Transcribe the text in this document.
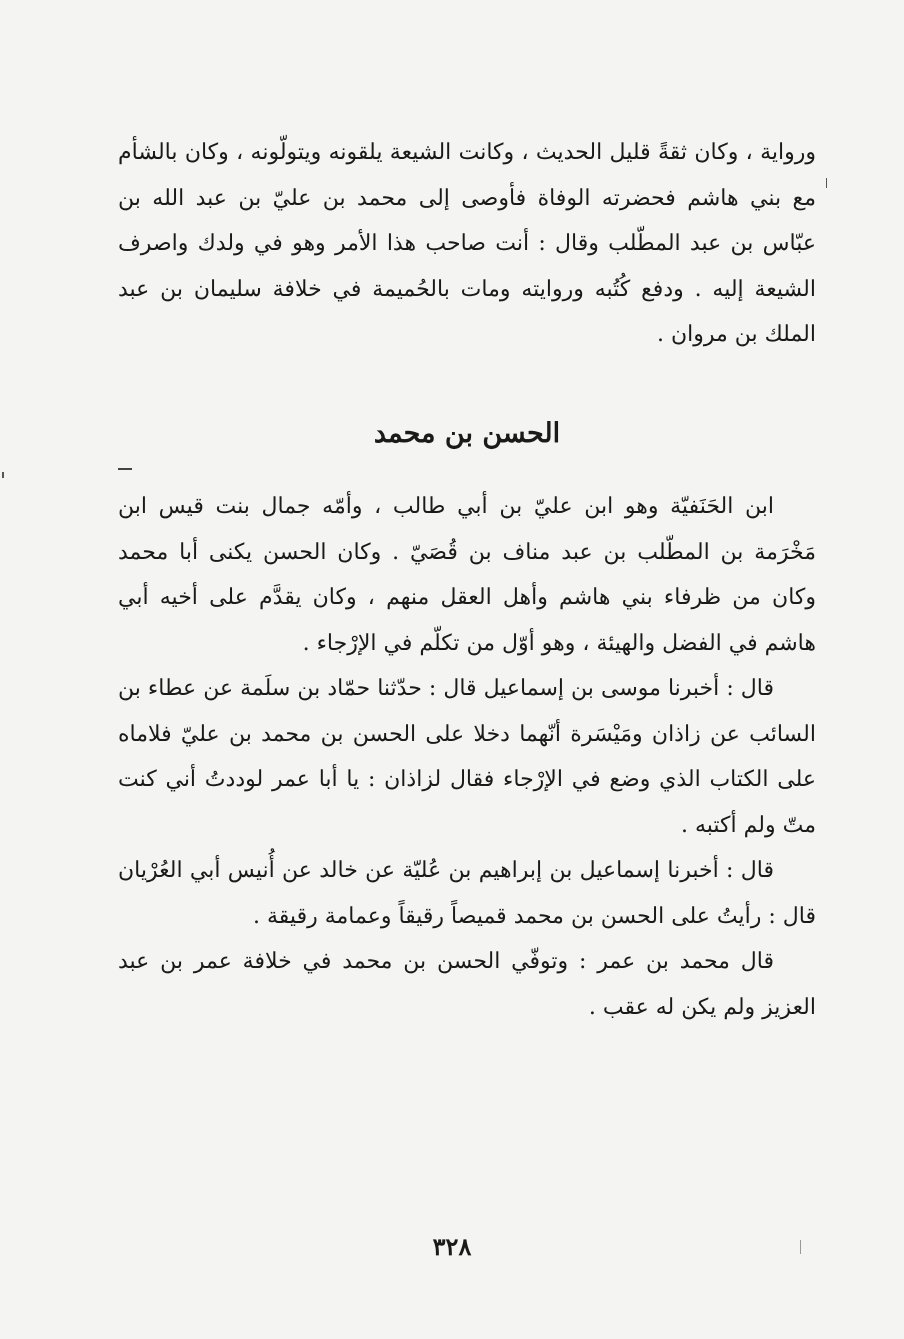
ورواية ، وكان ثقةً قليل الحديث ، وكانت الشيعة يلقونه ويتولّونه ، وكان بالشأم مع بني هاشم فحضرته الوفاة فأوصى إلى محمد بن عليّ بن عبد الله بن عبّاس بن عبد المطّلب وقال : أنت صاحب هذا الأمر وهو في ولدك واصرف الشيعة إليه . ودفع كُتُبه وروايته ومات بالحُميمة في خلافة سليمان بن عبد الملك بن مروان .

الحسن بن محمد

ابن الحَنَفيّة وهو ابن عليّ بن أبي طالب ، وأمّه جمال بنت قيس ابن مَخْرَمة بن المطّلب بن عبد مناف بن قُصَيّ . وكان الحسن يكنى أبا محمد وكان من ظرفاء بني هاشم وأهل العقل منهم ، وكان يقدَّم على أخيه أبي هاشم في الفضل والهيئة ، وهو أوّل من تكلّم في الإرْجاء .

قال : أخبرنا موسى بن إسماعيل قال : حدّثنا حمّاد بن سلَمة عن عطاء بن السائب عن زاذان ومَيْسَرة أنّهما دخلا على الحسن بن محمد بن عليّ فلاماه على الكتاب الذي وضع في الإرْجاء فقال لزاذان : يا أبا عمر لوددتُ أني كنت متّ ولم أكتبه .

قال : أخبرنا إسماعيل بن إبراهيم بن عُليّة عن خالد عن أُنيس أبي العُرْيان قال : رأيتُ على الحسن بن محمد قميصاً رقيقاً وعمامة رقيقة .

قال محمد بن عمر : وتوفّي الحسن بن محمد في خلافة عمر بن عبد العزيز ولم يكن له عقب .

٣٢٨
